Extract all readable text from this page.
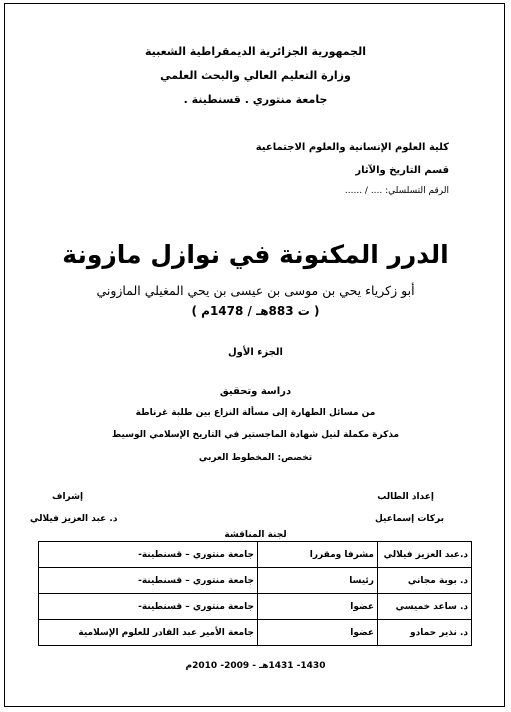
الجمهورية الجزائرية الديمقراطية الشعبية
وزارة التعليم العالي والبحث العلمي
جامعة منتوري . قسنطينة .
كلية العلوم الإنسانية والعلوم الاجتماعية
قسم التاريخ والآثار
الرقم التسلسلي: .... / ......
الدرر المكنونة في نوازل مازونة
أبو زكرياء يحي بن موسى بن عيسى بن يحي المغيلي المازوني
( ت 883هـ / 1478م )
الجزء الأول
دراسة وتحقيق
من مسائل الطهارة إلى مسألة النزاع بين طلبة غرناطة
مذكرة مكملة لنيل شهادة الماجستير في التاريخ الإسلامي الوسيط
تخصص: المخطوط العربي
إعداد الطالب
بركات إسماعيل
إشراف
د. عبد العزيز فيلالي
لجنة المناقشة
د.عبد العزيز فيلالي	مشرفا ومقررا	جامعة منتوري – قسنطينة-
د. بوبة مجاني	رئيسا	جامعة منتوري – قسنطينة-
د. ساعد خميسي	عضوا	جامعة منتوري – قسنطينة-
د. نذير حمادو	عضوا	جامعة الأمير عبد القادر للعلوم الإسلامية
1430- 1431هـ - 2009- 2010م
